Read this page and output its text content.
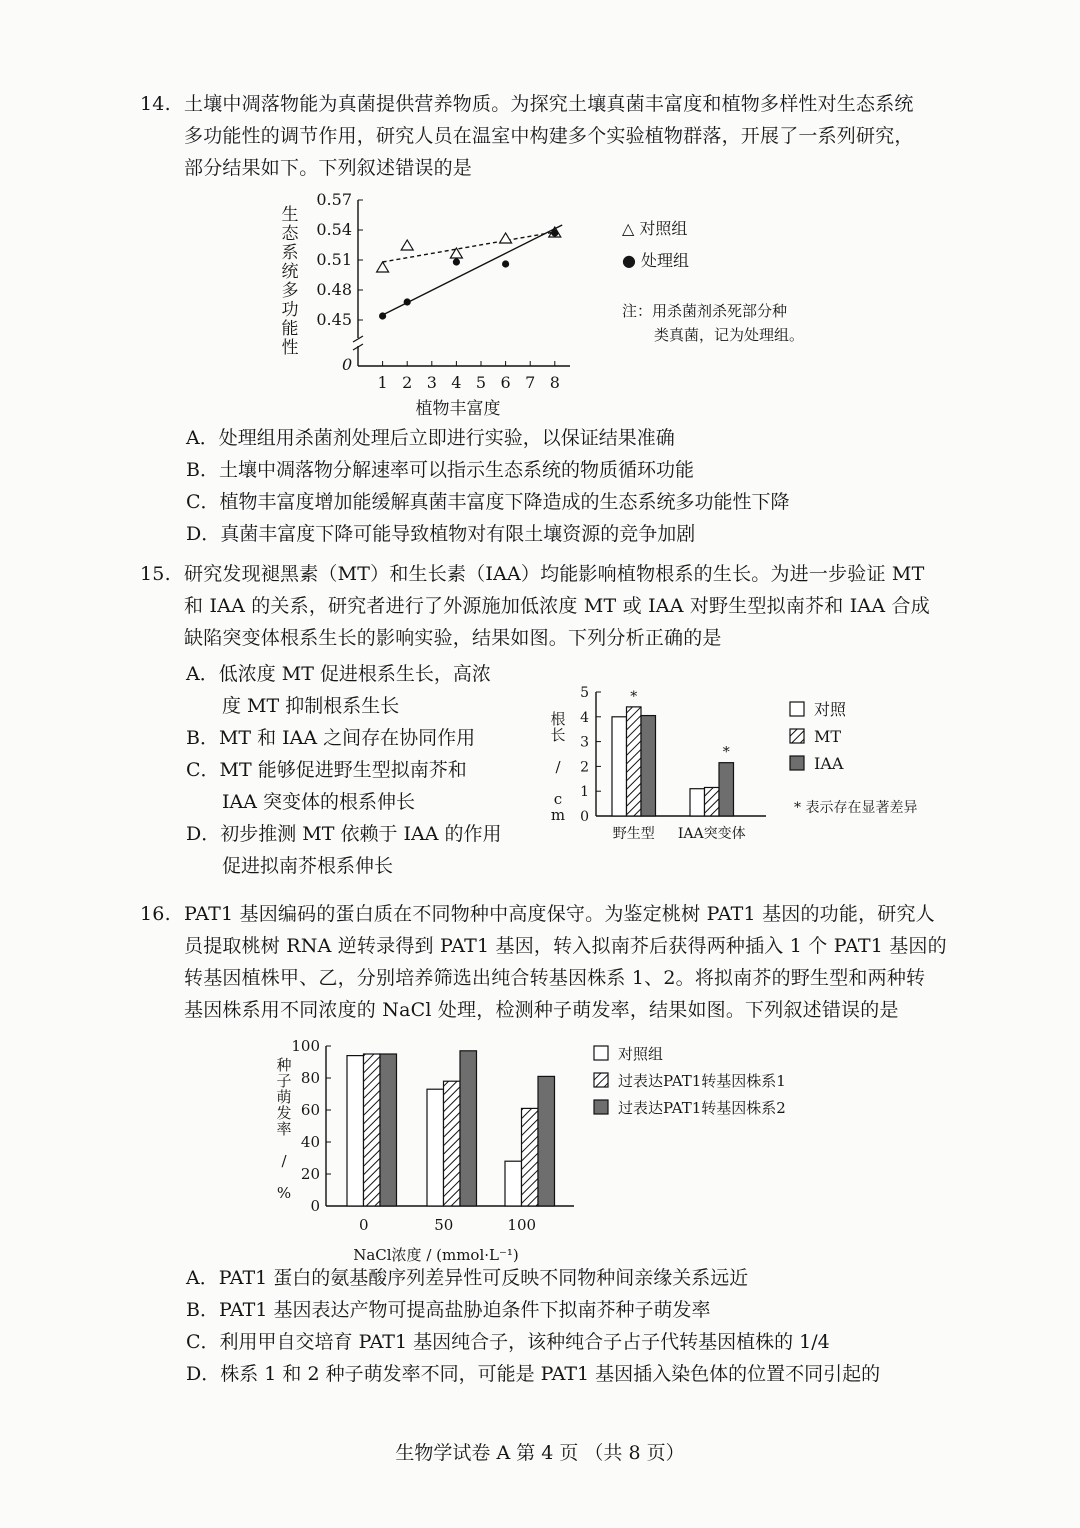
14. 土壤中凋落物能为真菌提供营养物质。为探究土壤真菌丰富度和植物多样性对生态系统
多功能性的调节作用，研究人员在温室中构建多个实验植物群落，开展了一系列研究，
部分结果如下。下列叙述错误的是
0
0.45
0.48
0.51
0.54
0.57
1 2 3 4 5 6 7 8
植物丰富度
生
态
系
统
多
功
能
性
△ 对照组
● 处理组
注：用杀菌剂杀死部分种
类真菌，记为处理组。
A．处理组用杀菌剂处理后立即进行实验，以保证结果准确
B．土壤中凋落物分解速率可以指示生态系统的物质循环功能
C．植物丰富度增加能缓解真菌丰富度下降造成的生态系统多功能性下降
D．真菌丰富度下降可能导致植物对有限土壤资源的竞争加剧
15. 研究发现褪黑素（MT）和生长素（IAA）均能影响植物根系的生长。为进一步验证 MT
和 IAA 的关系，研究者进行了外源施加低浓度 MT 或 IAA 对野生型拟南芥和 IAA 合成
缺陷突变体根系生长的影响实验，结果如图。下列分析正确的是
A．低浓度 MT 促进根系生长，高浓
度 MT 抑制根系生长
B．MT 和 IAA 之间存在协同作用
C．MT 能够促进野生型拟南芥和
IAA 突变体的根系伸长
D．初步推测 MT 依赖于 IAA 的作用
促进拟南芥根系伸长
0
1
2
3
4
5
根
长
/
c
m
野生型 IAA突变体
*
*
对照
MT
IAA
* 表示存在显著差异
16. PAT1 基因编码的蛋白质在不同物种中高度保守。为鉴定桃树 PAT1 基因的功能，研究人
员提取桃树 RNA 逆转录得到 PAT1 基因，转入拟南芥后获得两种插入 1 个 PAT1 基因的
转基因植株甲、乙，分别培养筛选出纯合转基因株系 1、2。将拟南芥的野生型和两种转
基因株系用不同浓度的 NaCl 处理，检测种子萌发率，结果如图。下列叙述错误的是
0
20
40
60
80
100
种
子
萌
发
率
/
%
0	50	100
NaCl浓度 / (mmol·L⁻¹)
对照组
过表达PAT1转基因株系1
过表达PAT1转基因株系2
A．PAT1 蛋白的氨基酸序列差异性可反映不同物种间亲缘关系远近
B．PAT1 基因表达产物可提高盐胁迫条件下拟南芥种子萌发率
C．利用甲自交培育 PAT1 基因纯合子，该种纯合子占子代转基因植株的 1/4
D．株系 1 和 2 种子萌发率不同，可能是 PAT1 基因插入染色体的位置不同引起的
生物学试卷 A 第 4 页 （共 8 页）
